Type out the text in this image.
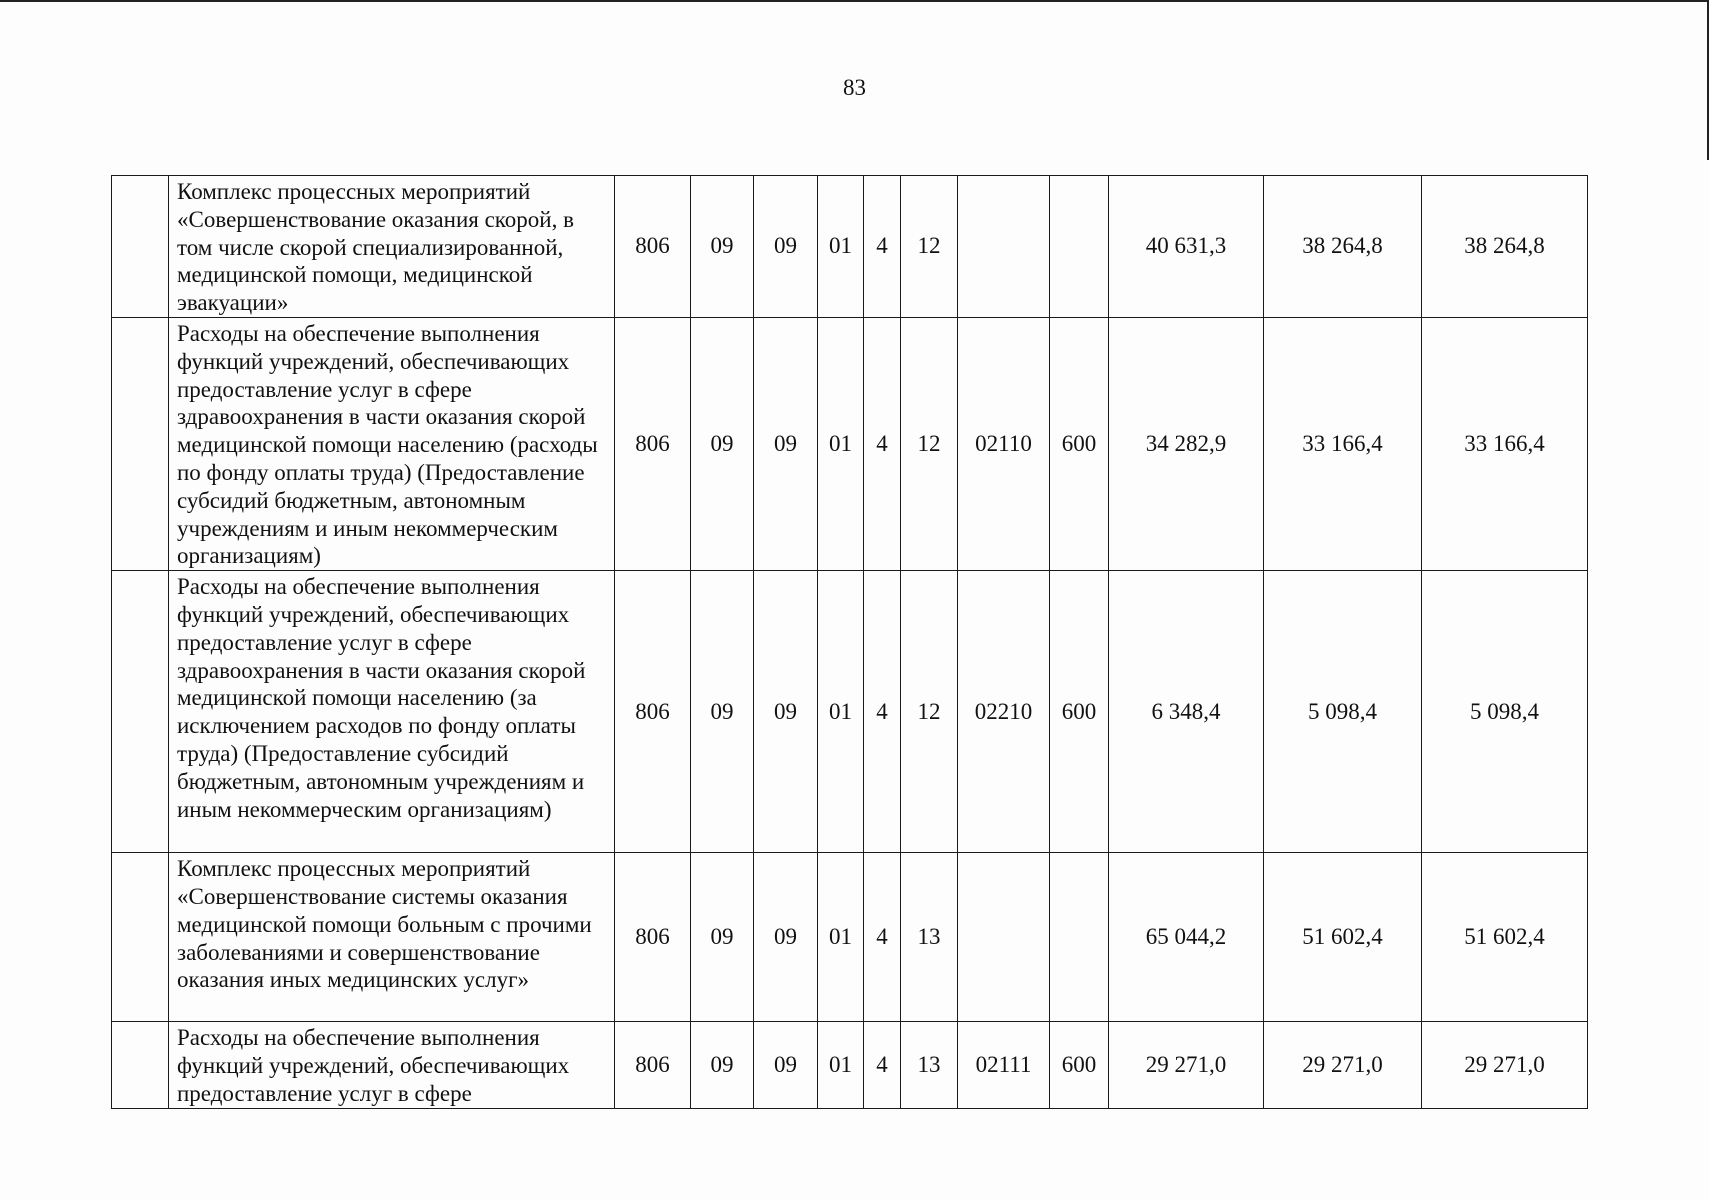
83
	Комплекс процессных мероприятий «Совершенствование оказания скорой, в том числе скорой специализированной, медицинской помощи, медицинской эвакуации»	806	09	09	01	4	12			40 631,3	38 264,8	38 264,8
	Расходы на обеспечение выполнения функций учреждений, обеспечивающих предоставление услуг в сфере здравоохранения в части оказания скорой медицинской помощи населению (расходы по фонду оплаты труда) (Предоставление субсидий бюджетным, автономным учреждениям и иным некоммерческим организациям)	806	09	09	01	4	12	02110	600	34 282,9	33 166,4	33 166,4
	Расходы на обеспечение выполнения функций учреждений, обеспечивающих предоставление услуг в сфере здравоохранения в части оказания скорой медицинской помощи населению (за исключением расходов по фонду оплаты труда) (Предоставление субсидий бюджетным, автономным учреждениям и иным некоммерческим организациям)	806	09	09	01	4	12	02210	600	6 348,4	5 098,4	5 098,4
	Комплекс процессных мероприятий «Совершенствование системы оказания медицинской помощи больным с прочими заболеваниями и совершенствование оказания иных медицинских услуг»	806	09	09	01	4	13			65 044,2	51 602,4	51 602,4
	Расходы на обеспечение выполнения функций учреждений, обеспечивающих предоставление услуг в сфере	806	09	09	01	4	13	02111	600	29 271,0	29 271,0	29 271,0
